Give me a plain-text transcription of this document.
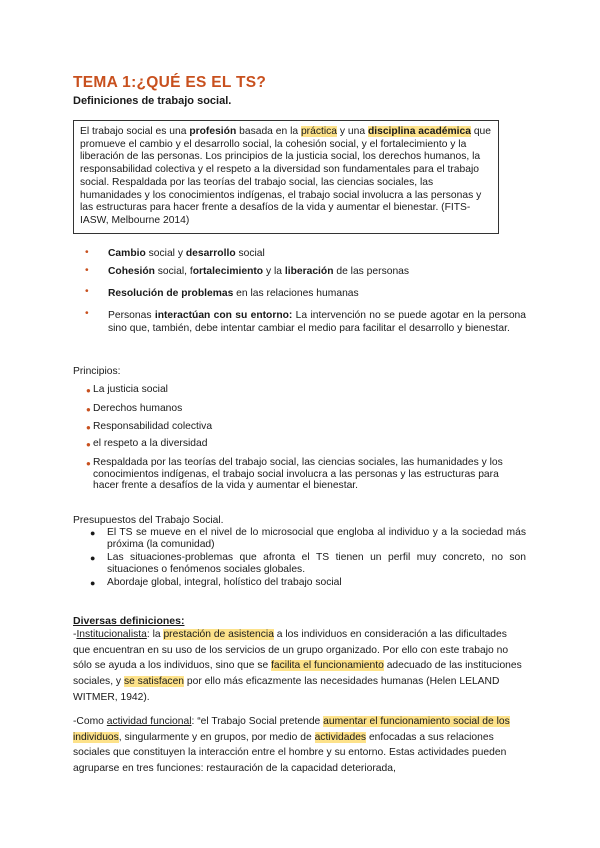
TEMA 1:¿QUÉ ES EL TS?
Definiciones de trabajo social.
El trabajo social es una profesión basada en la práctica y una disciplina académica que promueve el cambio y el desarrollo social, la cohesión social, y el fortalecimiento y la liberación de las personas. Los principios de la justicia social, los derechos humanos, la responsabilidad colectiva y el respeto a la diversidad son fundamentales para el trabajo social. Respaldada por las teorías del trabajo social, las ciencias sociales, las humanidades y los conocimientos indígenas, el trabajo social involucra a las personas y las estructuras para hacer frente a desafíos de la vida y aumentar el bienestar. (FITS-IASW, Melbourne 2014)
• Cambio social y desarrollo social
• Cohesión social, fortalecimiento y la liberación de las personas
• Resolución de problemas en las relaciones humanas
• Personas interactúan con su entorno: La intervención no se puede agotar en la persona sino que, también, debe intentar cambiar el medio para facilitar el desarrollo y bienestar.
Principios:
● La justicia social
● Derechos humanos
● Responsabilidad colectiva
● el respeto a la diversidad
● Respaldada por las teorías del trabajo social, las ciencias sociales, las humanidades y los conocimientos indígenas, el trabajo social involucra a las personas y las estructuras para hacer frente a desafíos de la vida y aumentar el bienestar.
Presupuestos del Trabajo Social.
● El TS se mueve en el nivel de lo microsocial que engloba al individuo y a la sociedad más próxima (la comunidad)
● Las situaciones-problemas que afronta el TS tienen un perfil muy concreto, no son situaciones o fenómenos sociales globales.
● Abordaje global, integral, holístico del trabajo social
Diversas definiciones:
-Institucionalista: la prestación de asistencia a los individuos en consideración a las dificultades que encuentran en su uso de los servicios de un grupo organizado. Por ello con este trabajo no sólo se ayuda a los individuos, sino que se facilita el funcionamiento adecuado de las instituciones sociales, y se satisfacen por ello más eficazmente las necesidades humanas (Helen LELAND WITMER, 1942).
-Como actividad funcional: “el Trabajo Social pretende aumentar el funcionamiento social de los individuos, singularmente y en grupos, por medio de actividades enfocadas a sus relaciones sociales que constituyen la interacción entre el hombre y su entorno. Estas actividades pueden agruparse en tres funciones: restauración de la capacidad deteriorada,
